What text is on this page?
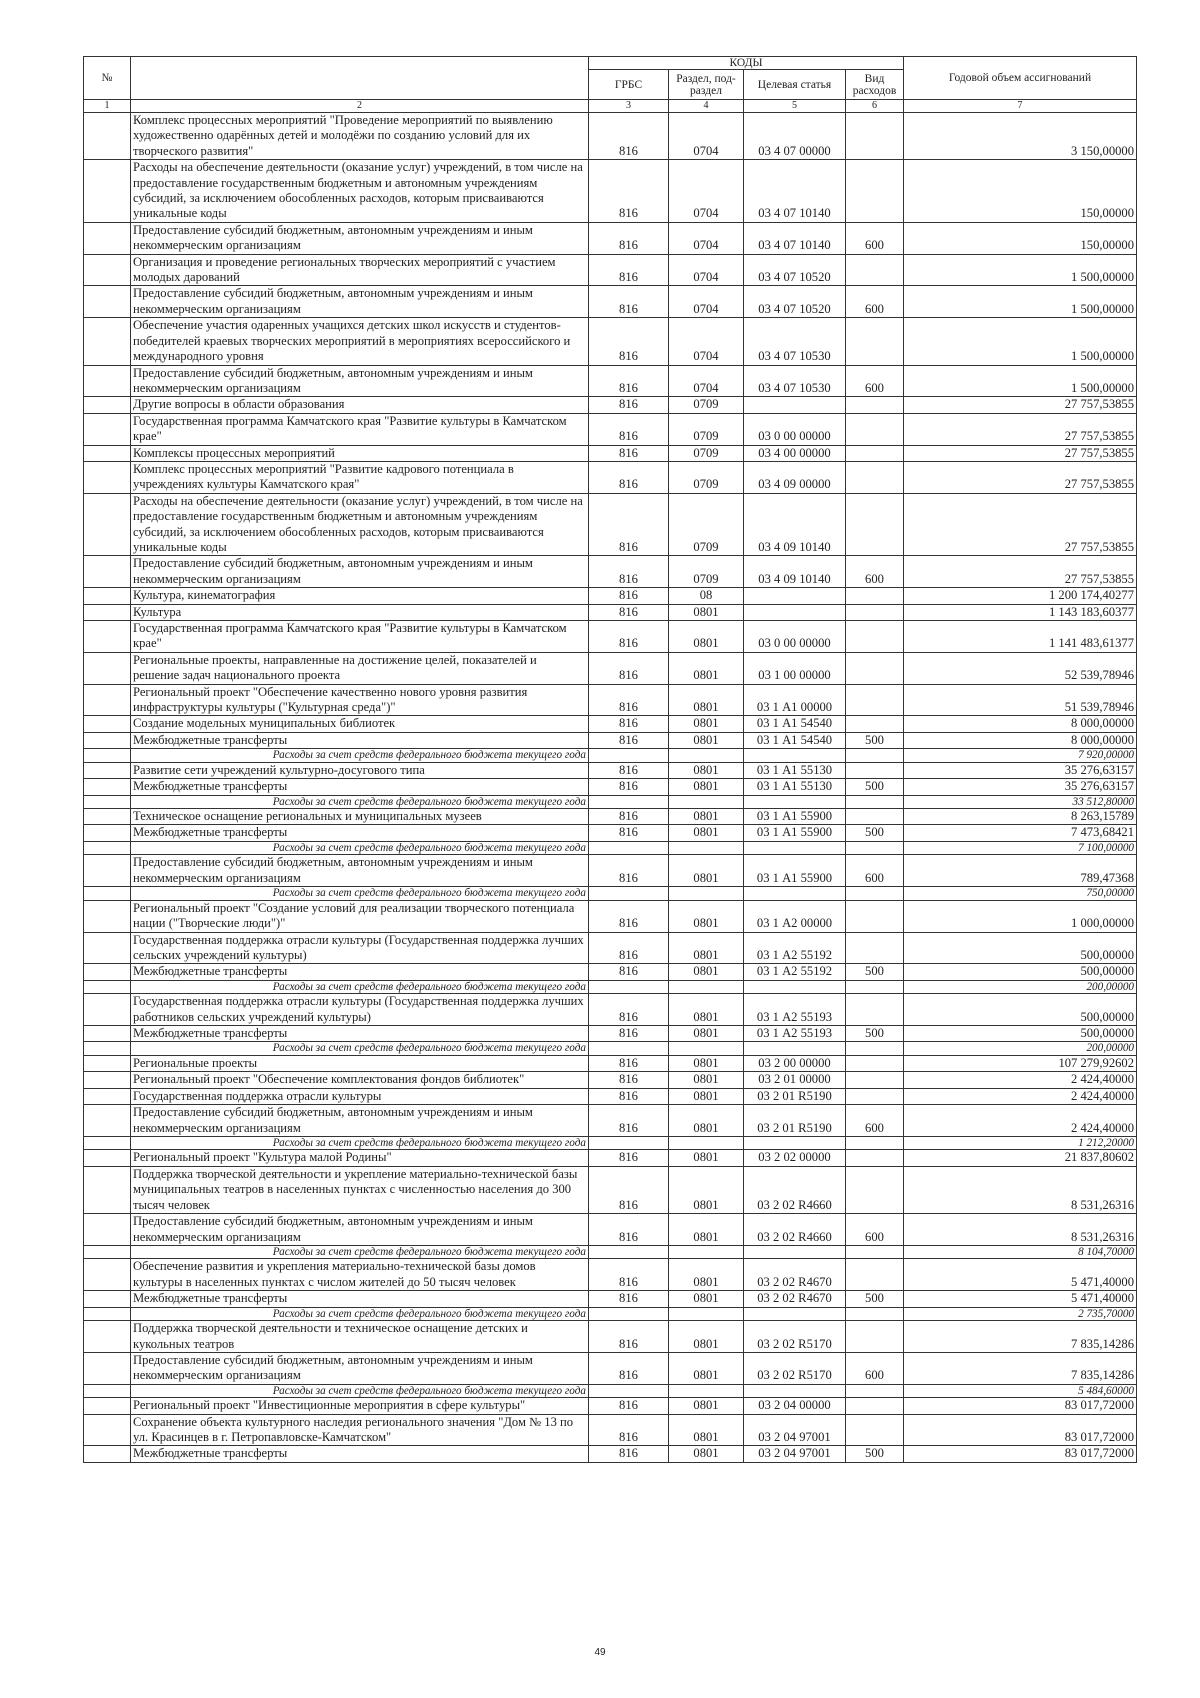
№		КОДЫ				Годовой объем ассигнований
		ГРБС	Раздел, под-раздел	Целевая статья	Вид расходов	
1	2	3	4	5	6	7
	Комплекс процессных мероприятий "Проведение мероприятий по выявлению художественно одарённых детей и молодёжи по созданию условий для их творческого развития"	816	0704	03 4 07 00000		3 150,00000
	Расходы на обеспечение деятельности (оказание услуг) учреждений, в том числе на предоставление государственным бюджетным и автономным учреждениям субсидий, за исключением обособленных расходов, которым присваиваются уникальные коды	816	0704	03 4 07 10140		150,00000
	Предоставление субсидий бюджетным, автономным учреждениям и иным некоммерческим организациям	816	0704	03 4 07 10140	600	150,00000
	Организация и проведение региональных творческих мероприятий с участием молодых дарований	816	0704	03 4 07 10520		1 500,00000
	Предоставление субсидий бюджетным, автономным учреждениям и иным некоммерческим организациям	816	0704	03 4 07 10520	600	1 500,00000
	Обеспечение участия одаренных учащихся детских школ искусств и студентов-победителей краевых творческих мероприятий в мероприятиях всероссийского и международного уровня	816	0704	03 4 07 10530		1 500,00000
	Предоставление субсидий бюджетным, автономным учреждениям и иным некоммерческим организациям	816	0704	03 4 07 10530	600	1 500,00000
	Другие вопросы в области образования	816	0709			27 757,53855
	Государственная программа Камчатского края "Развитие культуры в Камчатском крае"	816	0709	03 0 00 00000		27 757,53855
	Комплексы процессных мероприятий	816	0709	03 4 00 00000		27 757,53855
	Комплекс процессных мероприятий "Развитие кадрового потенциала в учреждениях культуры Камчатского края"	816	0709	03 4 09 00000		27 757,53855
	Расходы на обеспечение деятельности (оказание услуг) учреждений, в том числе на предоставление государственным бюджетным и автономным учреждениям субсидий, за исключением обособленных расходов, которым присваиваются уникальные коды	816	0709	03 4 09 10140		27 757,53855
	Предоставление субсидий бюджетным, автономным учреждениям и иным некоммерческим организациям	816	0709	03 4 09 10140	600	27 757,53855
	Культура, кинематография	816	08			1 200 174,40277
	Культура	816	0801			1 143 183,60377
	Государственная программа Камчатского края "Развитие культуры в Камчатском крае"	816	0801	03 0 00 00000		1 141 483,61377
	Региональные проекты, направленные на достижение целей, показателей и решение задач национального проекта	816	0801	03 1 00 00000		52 539,78946
	Региональный проект "Обеспечение качественно нового уровня развития инфраструктуры культуры ("Культурная среда")"	816	0801	03 1 А1 00000		51 539,78946
	Создание модельных муниципальных библиотек	816	0801	03 1 А1 54540		8 000,00000
	Межбюджетные трансферты	816	0801	03 1 А1 54540	500	8 000,00000
	Расходы за счет средств федерального бюджета текущего года					7 920,00000
	Развитие сети учреждений культурно-досугового типа	816	0801	03 1 А1 55130		35 276,63157
	Межбюджетные трансферты	816	0801	03 1 А1 55130	500	35 276,63157
	Расходы за счет средств федерального бюджета текущего года					33 512,80000
	Техническое оснащение региональных и муниципальных музеев	816	0801	03 1 А1 55900		8 263,15789
	Межбюджетные трансферты	816	0801	03 1 А1 55900	500	7 473,68421
	Расходы за счет средств федерального бюджета текущего года					7 100,00000
	Предоставление субсидий бюджетным, автономным учреждениям и иным некоммерческим организациям	816	0801	03 1 А1 55900	600	789,47368
	Расходы за счет средств федерального бюджета текущего года					750,00000
	Региональный проект "Создание условий для реализации творческого потенциала нации ("Творческие люди")"	816	0801	03 1 А2 00000		1 000,00000
	Государственная поддержка отрасли культуры (Государственная поддержка лучших сельских учреждений культуры)	816	0801	03 1 А2 55192		500,00000
	Межбюджетные трансферты	816	0801	03 1 А2 55192	500	500,00000
	Расходы за счет средств федерального бюджета текущего года					200,00000
	Государственная поддержка отрасли культуры (Государственная поддержка лучших работников сельских учреждений культуры)	816	0801	03 1 А2 55193		500,00000
	Межбюджетные трансферты	816	0801	03 1 А2 55193	500	500,00000
	Расходы за счет средств федерального бюджета текущего года					200,00000
	Региональные проекты	816	0801	03 2 00 00000		107 279,92602
	Региональный проект "Обеспечение комплектования фондов библиотек"	816	0801	03 2 01 00000		2 424,40000
	Государственная поддержка отрасли культуры	816	0801	03 2 01 R5190		2 424,40000
	Предоставление субсидий бюджетным, автономным учреждениям и иным некоммерческим организациям	816	0801	03 2 01 R5190	600	2 424,40000
	Расходы за счет средств федерального бюджета текущего года					1 212,20000
	Региональный проект "Культура малой Родины"	816	0801	03 2 02 00000		21 837,80602
	Поддержка творческой деятельности и укрепление материально-технической базы муниципальных театров в населенных пунктах с численностью населения до 300 тысяч человек	816	0801	03 2 02 R4660		8 531,26316
	Предоставление субсидий бюджетным, автономным учреждениям и иным некоммерческим организациям	816	0801	03 2 02 R4660	600	8 531,26316
	Расходы за счет средств федерального бюджета текущего года					8 104,70000
	Обеспечение развития и укрепления материально-технической базы домов культуры в населенных пунктах с числом жителей до 50 тысяч человек	816	0801	03 2 02 R4670		5 471,40000
	Межбюджетные трансферты	816	0801	03 2 02 R4670	500	5 471,40000
	Расходы за счет средств федерального бюджета текущего года					2 735,70000
	Поддержка творческой деятельности и техническое оснащение детских и кукольных театров	816	0801	03 2 02 R5170		7 835,14286
	Предоставление субсидий бюджетным, автономным учреждениям и иным некоммерческим организациям	816	0801	03 2 02 R5170	600	7 835,14286
	Расходы за счет средств федерального бюджета текущего года					5 484,60000
	Региональный проект "Инвестиционные мероприятия в сфере культуры"	816	0801	03 2 04 00000		83 017,72000
	Сохранение объекта культурного наследия регионального значения "Дом № 13 по ул. Красинцев в г. Петропавловске-Камчатском"	816	0801	03 2 04 97001		83 017,72000
	Межбюджетные трансферты	816	0801	03 2 04 97001	500	83 017,72000
49
